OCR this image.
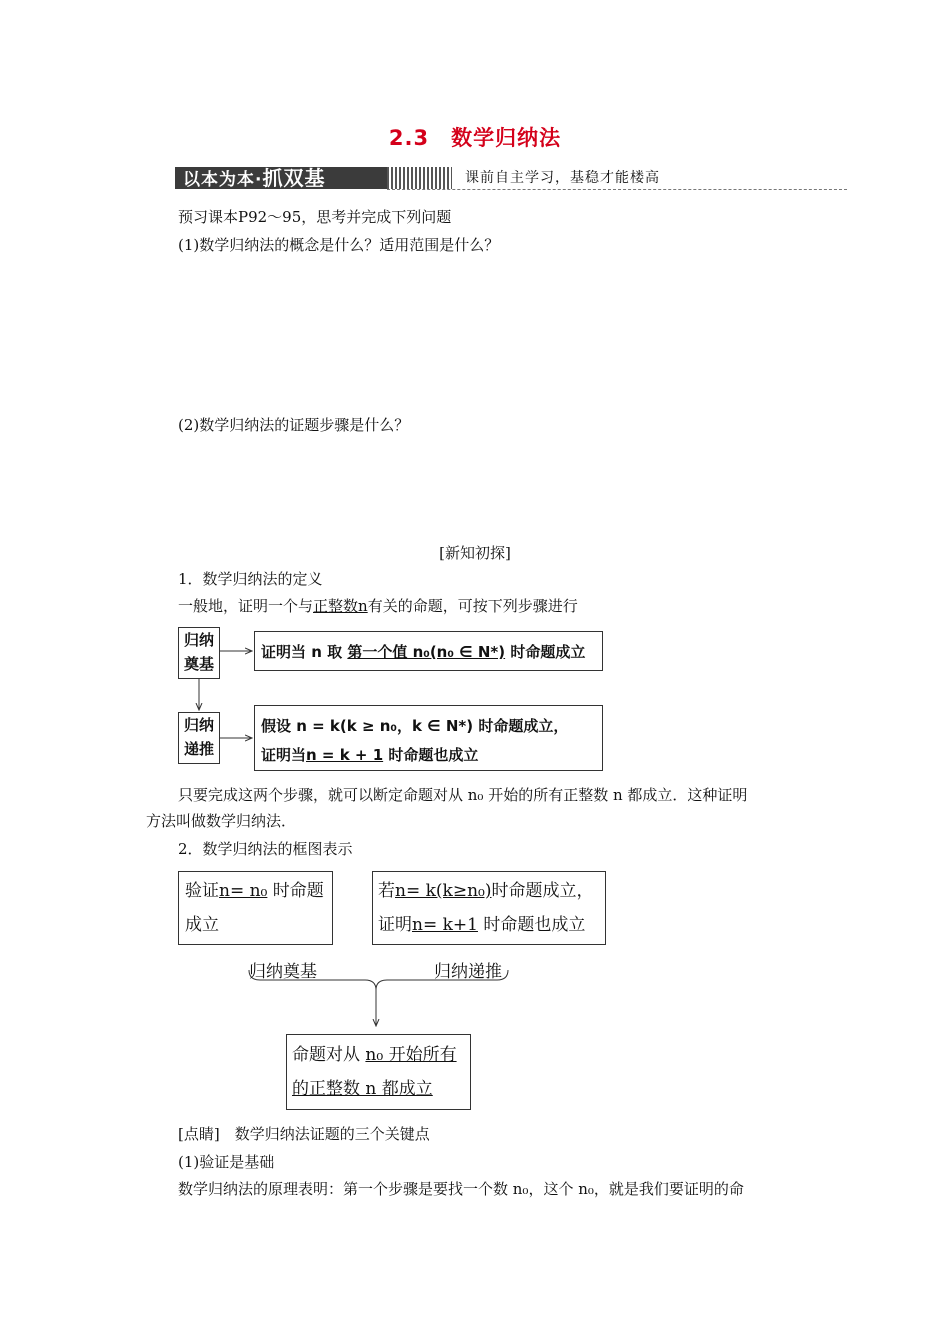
2.3　数学归纳法
以本为本·抓双基	课前自主学习，基稳才能楼高
预习课本P92～95，思考并完成下列问题
(1)数学归纳法的概念是什么？适用范围是什么？
(2)数学归纳法的证题步骤是什么？
[新知初探]
1．数学归纳法的定义
一般地，证明一个与正整数n有关的命题，可按下列步骤进行
归纳
奠基
证明当 n 取 第一个值 n₀(n₀ ∈ N*) 时命题成立
归纳
递推
假设 n = k(k ≥ n₀，k ∈ N*) 时命题成立，
证明当n = k + 1 时命题也成立
只要完成这两个步骤，就可以断定命题对从 n₀ 开始的所有正整数 n 都成立．这种证明
方法叫做数学归纳法．
2．数学归纳法的框图表示
验证n= n₀ 时命题
成立
若n= k(k≥n₀)时命题成立，
证明n= k+1 时命题也成立
归纳奠基	归纳递推
命题对从 n₀ 开始所有
的正整数 n 都成立
[点睛]　数学归纳法证题的三个关键点
(1)验证是基础
数学归纳法的原理表明：第一个步骤是要找一个数 n₀，这个 n₀，就是我们要证明的命
